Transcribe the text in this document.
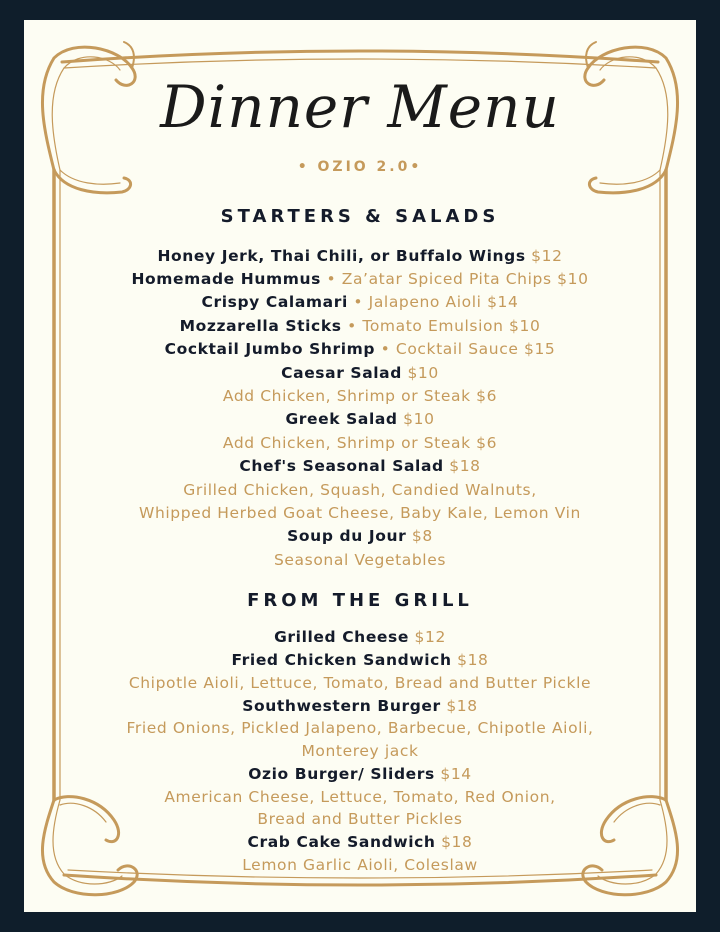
Dinner Menu
• OZIO 2.0•
STARTERS & SALADS
Honey Jerk, Thai Chili, or Buffalo Wings $12
Homemade Hummus • Za’atar Spiced Pita Chips $10
Crispy Calamari • Jalapeno Aioli $14
Mozzarella Sticks • Tomato Emulsion $10
Cocktail Jumbo Shrimp • Cocktail Sauce $15
Caesar Salad $10
Add Chicken, Shrimp or Steak $6
Greek Salad $10
Add Chicken, Shrimp or Steak $6
Chef's Seasonal Salad $18
Grilled Chicken, Squash, Candied Walnuts,
Whipped Herbed Goat Cheese, Baby Kale, Lemon Vin
Soup du Jour $8
Seasonal Vegetables
FROM THE GRILL
Grilled Cheese $12
Fried Chicken Sandwich $18
Chipotle Aioli, Lettuce, Tomato, Bread and Butter Pickle
Southwestern Burger $18
Fried Onions, Pickled Jalapeno, Barbecue, Chipotle Aioli,
Monterey jack
Ozio Burger/ Sliders $14
American Cheese, Lettuce, Tomato, Red Onion,
Bread and Butter Pickles
Crab Cake Sandwich $18
Lemon Garlic Aioli, Coleslaw
